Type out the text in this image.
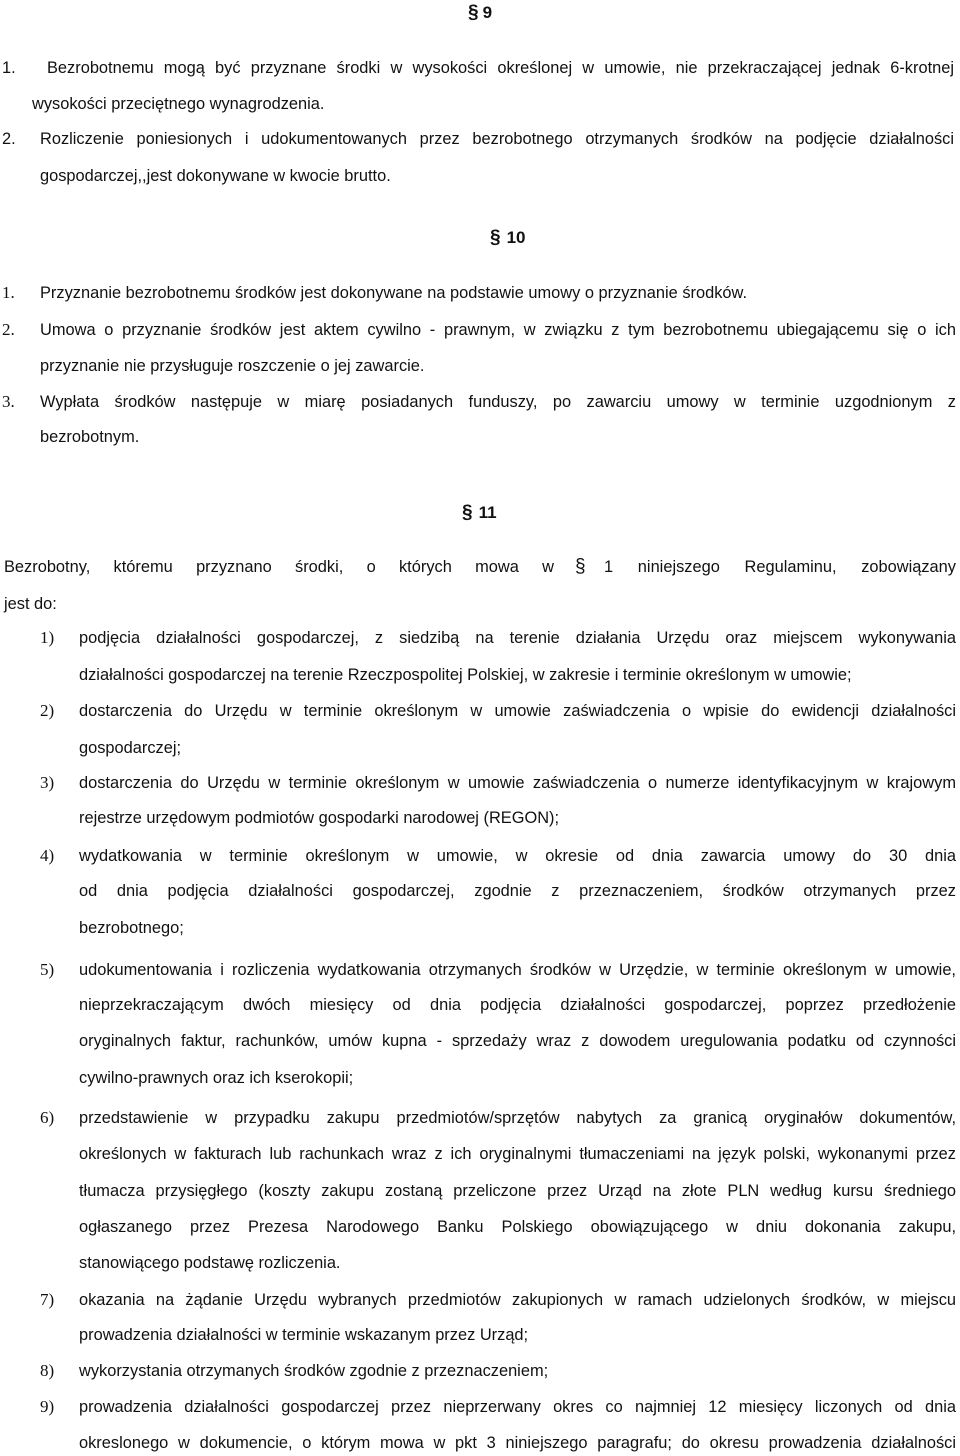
§ 9
1. Bezrobotnemu mogą być przyznane środki w wysokości określonej w umowie, nie przekraczającej jednak 6-krotnej
wysokości przeciętnego wynagrodzenia.
2. Rozliczenie poniesionych i udokumentowanych przez bezrobotnego otrzymanych środków na podjęcie działalności
gospodarczej,,jest dokonywane w kwocie brutto.
§ 10
1. Przyznanie bezrobotnemu środków jest dokonywane na podstawie umowy o przyznanie środków.
2. Umowa o przyznanie środków jest aktem cywilno - prawnym, w związku z tym bezrobotnemu ubiegającemu się o ich
przyznanie nie przysługuje roszczenie o jej zawarcie.
3. Wypłata środków następuje w miarę posiadanych funduszy, po zawarciu umowy w terminie uzgodnionym z
bezrobotnym.
§ 11
Bezrobotny, któremu przyznano środki, o których mowa w § 1 niniejszego Regulaminu, zobowiązany
jest do:
1) podjęcia działalności gospodarczej, z siedzibą na terenie działania Urzędu oraz miejscem wykonywania
działalności gospodarczej na terenie Rzeczpospolitej Polskiej, w zakresie i terminie określonym w umowie;
2) dostarczenia do Urzędu w terminie określonym w umowie zaświadczenia o wpisie do ewidencji działalności
gospodarczej;
3) dostarczenia do Urzędu w terminie określonym w umowie zaświadczenia o numerze identyfikacyjnym w krajowym
rejestrze urzędowym podmiotów gospodarki narodowej (REGON);
4) wydatkowania w terminie określonym w umowie, w okresie od dnia zawarcia umowy do 30 dnia
od dnia podjęcia działalności gospodarczej, zgodnie z przeznaczeniem, środków otrzymanych przez
bezrobotnego;
5) udokumentowania i rozliczenia wydatkowania otrzymanych środków w Urzędzie, w terminie określonym w umowie,
nieprzekraczającym dwóch miesięcy od dnia podjęcia działalności gospodarczej, poprzez przedłożenie
oryginalnych faktur, rachunków, umów kupna - sprzedaży wraz z dowodem uregulowania podatku od czynności
cywilno-prawnych oraz ich kserokopii;
6) przedstawienie w przypadku zakupu przedmiotów/sprzętów nabytych za granicą oryginałów dokumentów,
określonych w fakturach lub rachunkach wraz z ich oryginalnymi tłumaczeniami na język polski, wykonanymi przez
tłumacza przysięgłego (koszty zakupu zostaną przeliczone przez Urząd na złote PLN według kursu średniego
ogłaszanego przez Prezesa Narodowego Banku Polskiego obowiązującego w dniu dokonania zakupu,
stanowiącego podstawę rozliczenia.
7) okazania na żądanie Urzędu wybranych przedmiotów zakupionych w ramach udzielonych środków, w miejscu
prowadzenia działalności w terminie wskazanym przez Urząd;
8) wykorzystania otrzymanych środków zgodnie z przeznaczeniem;
9) prowadzenia działalności gospodarczej przez nieprzerwany okres co najmniej 12 miesięcy liczonych od dnia
okreslonego w dokumencie, o którym mowa w pkt 3 niniejszego paragrafu; do okresu prowadzenia działalności
